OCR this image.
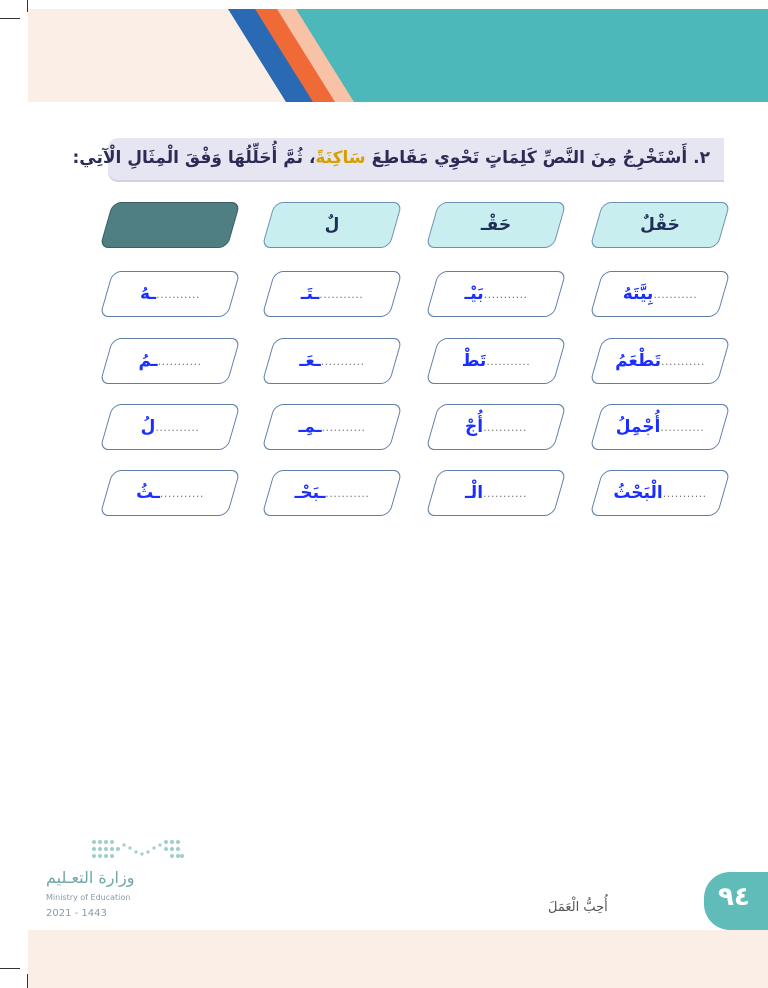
٢. أَسْتَخْرِجُ مِنَ النَّصِّ كَلِمَاتٍ تَحْوِي مَقَاطِعَ سَاكِنَةً، ثُمَّ أُحَلِّلُهَا وَفْقَ الْمِثَالِ الْآتِي:
حَقْلٌ
حَقْـ
لٌ
...........
بِيَّتَهُ
...........
بَيْـ
...........
ـتَـ
...........
ـهُ
...........
تَطْعَمُ
...........
تَطْ
...........
ـعَـ
...........
ـمُ
...........
أُجْمِلُ
...........
أُجْ
...........
ـمِـ
...........
لُ
...........
الْبَحْثُ
...........
الْـ
...........
ـبَحْـ
...........
ـثُ
وزارة التعـليم
Ministry of Education
2021 - 1443	أُحِبُّ الْعَمَلَ	٩٤
